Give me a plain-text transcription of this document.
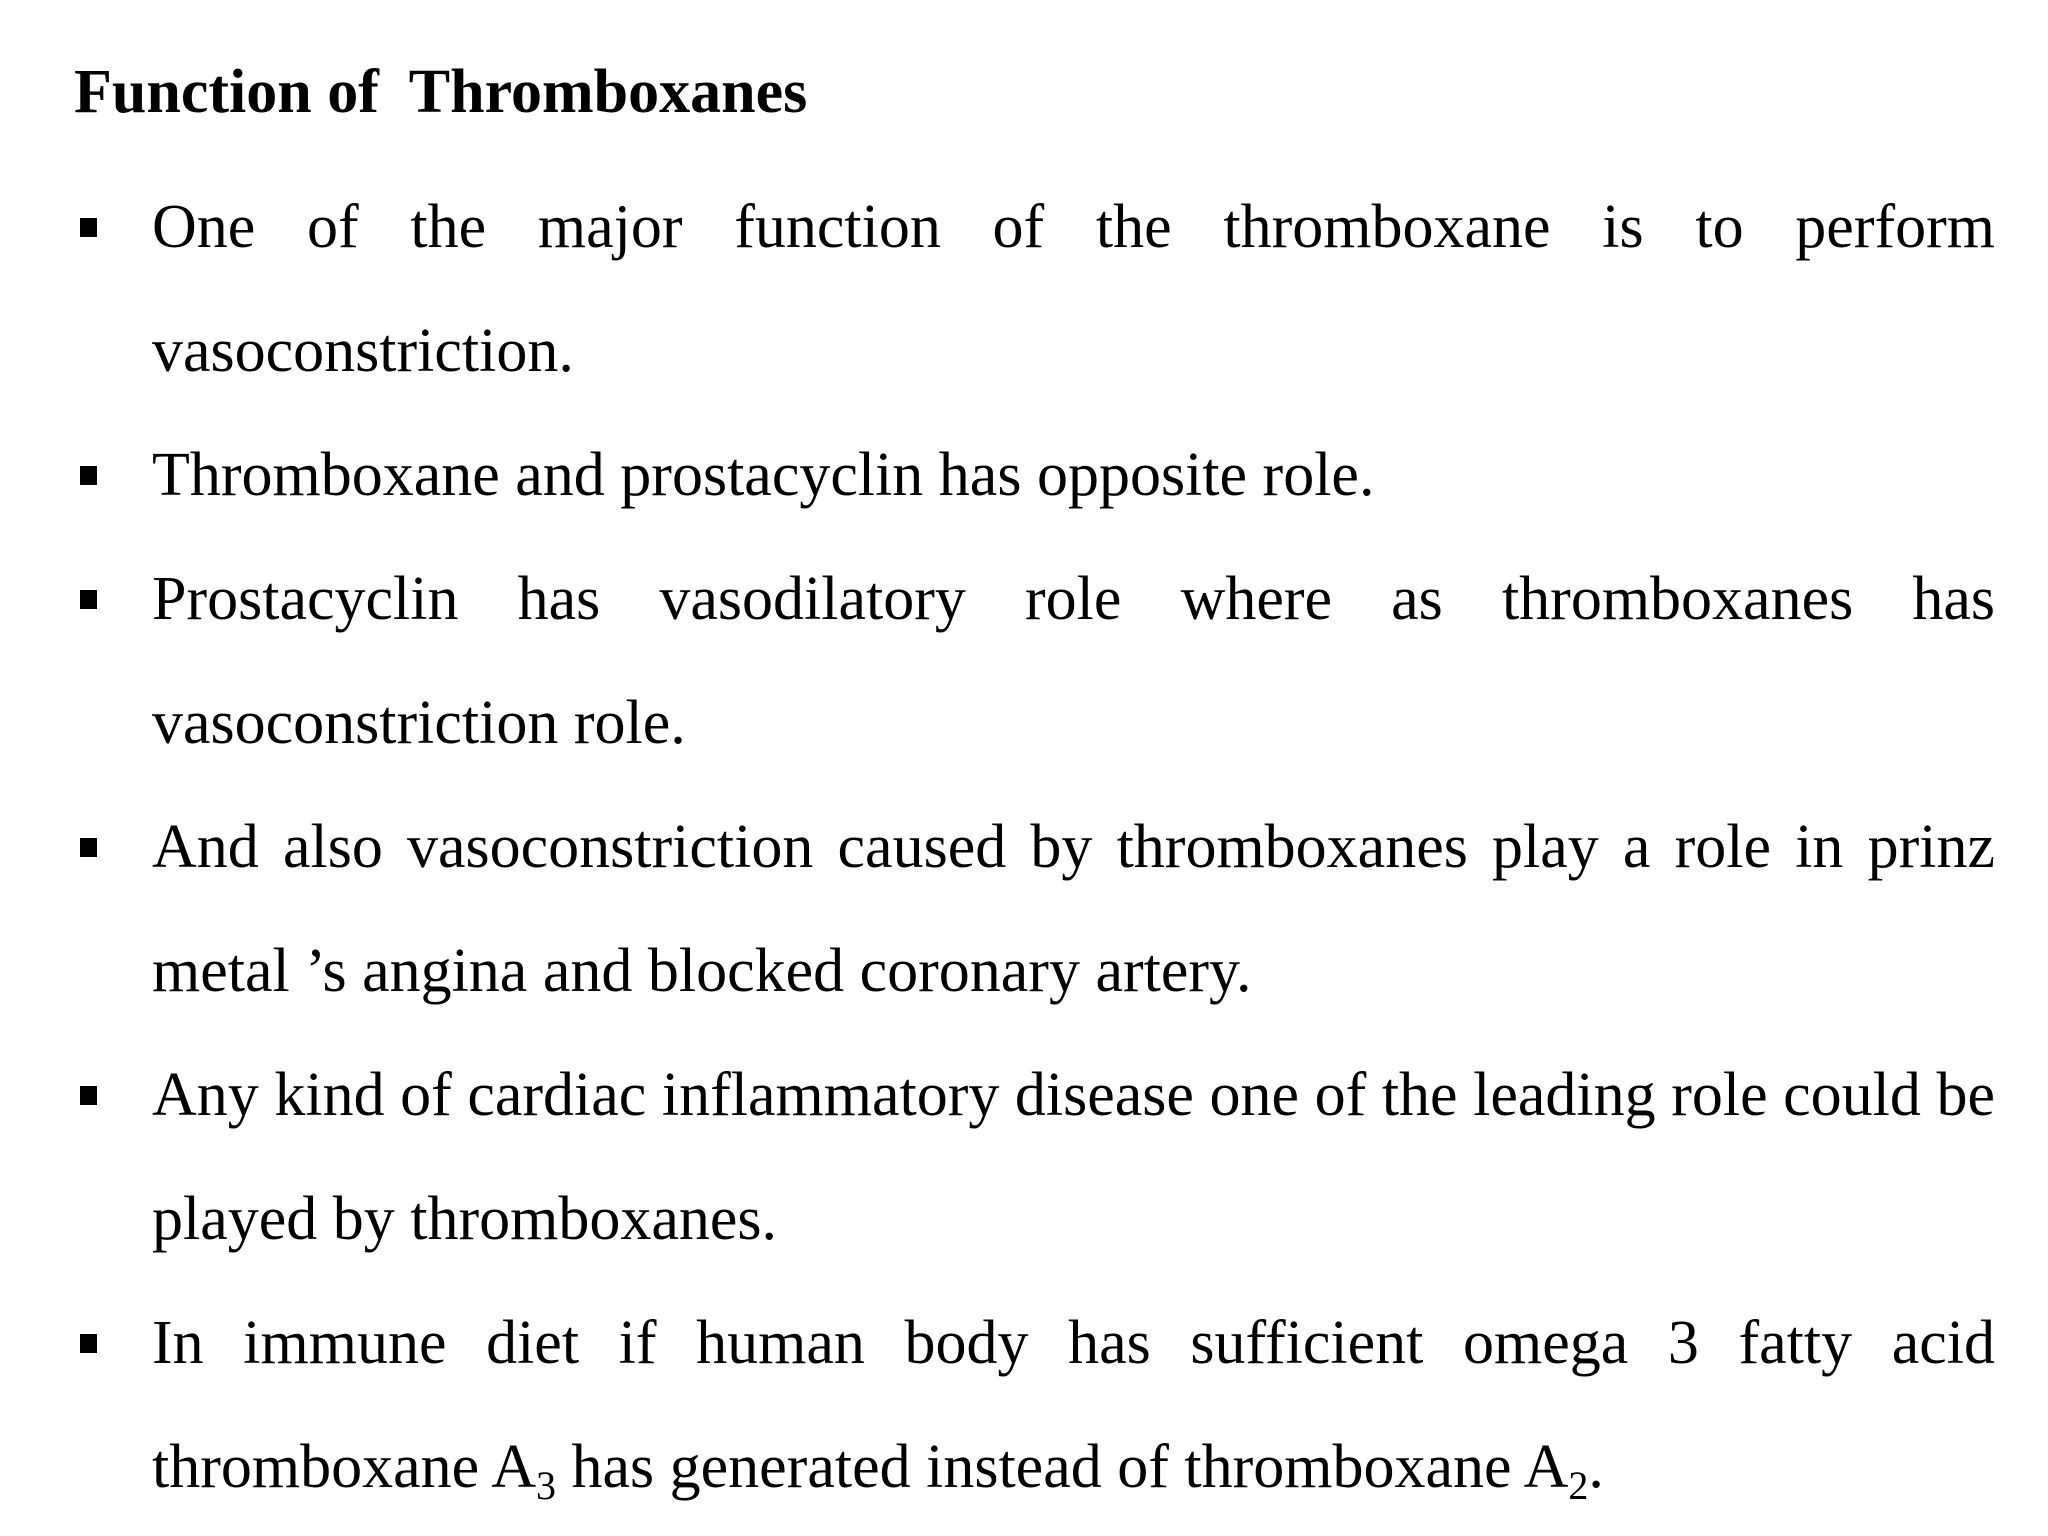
Function of  Thromboxanes
One of the major function of the thromboxane is to perform vasoconstriction.
Thromboxane and prostacyclin has opposite role.
Prostacyclin has vasodilatory role where as thromboxanes has vasoconstriction role.
And also vasoconstriction caused by thromboxanes play a role in prinz metal ’s angina and blocked coronary artery.
Any kind of cardiac inflammatory disease one of the leading role could be played by thromboxanes.
In immune diet if human body has sufficient omega 3 fatty acid thromboxane $A_3$ has generated instead of thromboxane $A_2$.
